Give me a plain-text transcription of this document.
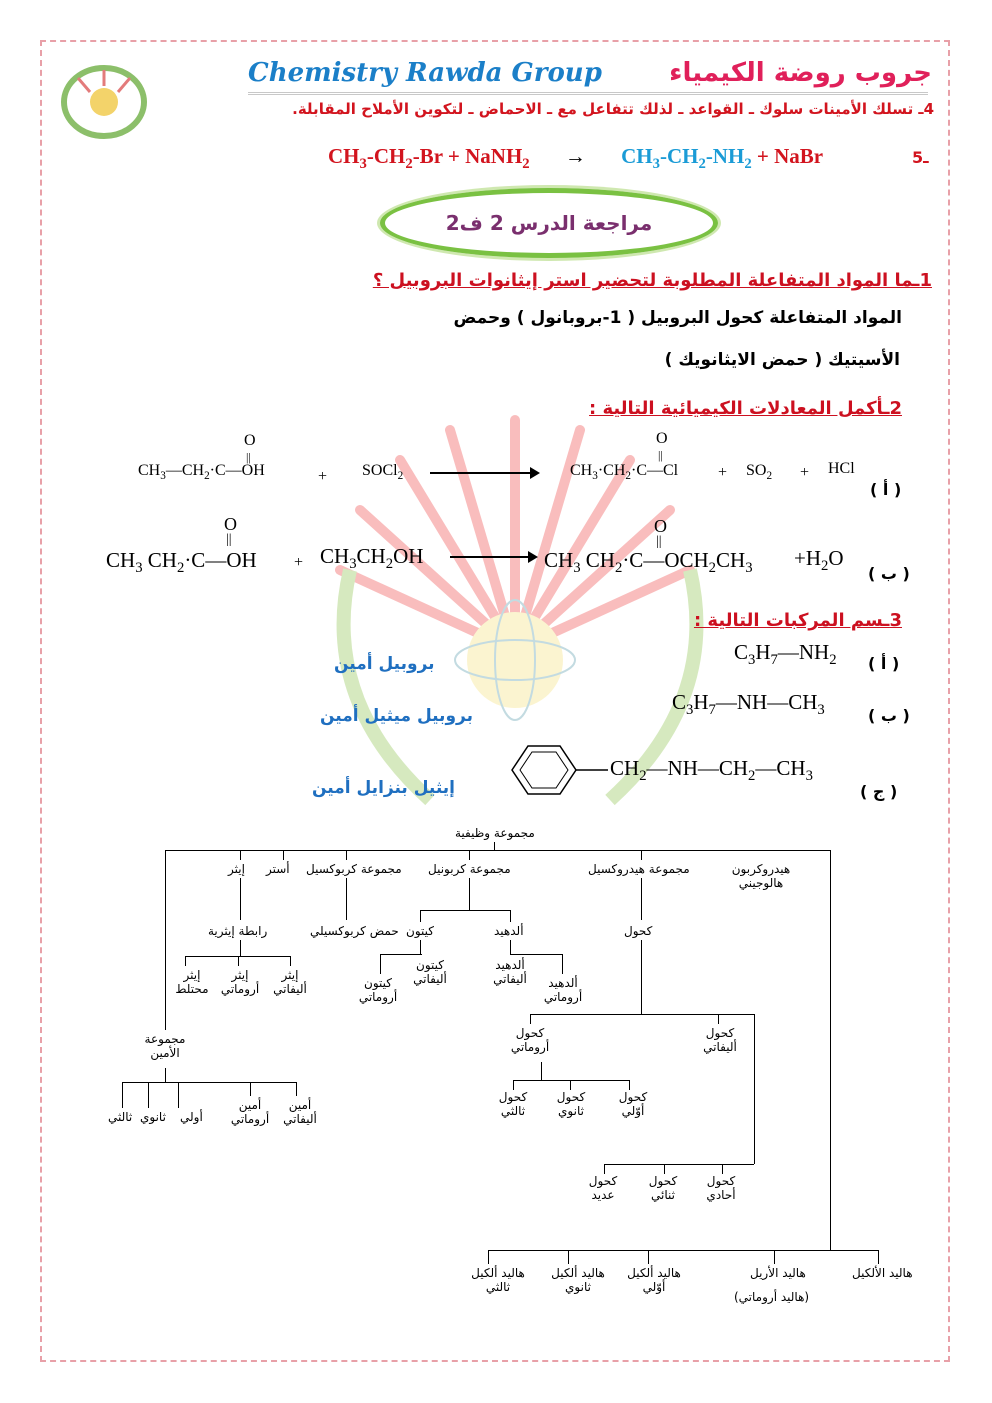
Chemistry Rawda Group	جروب روضة الكيمياء
4ـ تسلك الأمينات سلوك ـ القواعد ـ لذلك تتفاعل مع ـ الاحماض ـ لتكوين الأملاح المقابلة.
$CH_3-CH_2-Br$ + NaNH$_2$ → $CH_3-CH_2-NH_2$ + NaBr	5ـ
مراجعة الدرس 2 ف2
1ـما المواد المتفاعلة المطلوبة لتحضير استر إيثانوات البروبيل ؟
المواد المتفاعلة كحول البروبيل ( 1-بروبانول ) وحمض
الأسيتيك ( حمض الايثانويك )
2ـأكمل المعادلات الكيميائية التالية :
$CH_3—CH_2\cdot C—OH$
O
||
+ SOCl$_2$	$CH_3\cdot CH_2\cdot C—Cl$
O
||
+ $SO_2$ + HCl
( أ )
$CH_3$ $CH_2\cdot C—OH$
O
||
+ $CH_3CH_2OH$	$CH_3$ $CH_2\cdot C—OCH_2CH_3$
O
||
$+H_2O$
( ب )
3ـسم المركبات التالية :
$C_3H_7—NH_2$ ( أ )
بروبيل أمين
$C_3H_7—NH—CH_3$	( ب )
بروبيل ميثيل أمين
$CH_2—NH—CH_2—CH_3$
( ج )
إيثيل بنزايل أمين
مجموعة وظيفية
إيثر أستر مجموعة كربوكسيل مجموعة كربونيل	مجموعة هيدروكسيل	هيدروكربون هالوجيني
رابطة إيثرية
إيثر محتلط
إيثر أروماتي
إيثر أليفاتي
حمض كربوكسيلي كيتون	ألدهيد
كيتون أروماتي
كيتون أليفاتي
ألدهيد أليفاتي	ألدهيد أروماتي
كحول
كحول أروماتي
كحول أليفاتي
كحول ثالثي
كحول ثانوي
كحول أوّلي
كحول عديد
كحول ثنائي
كحول أحادي
مجموعة الأمين
ثالثي ثانوي أولي
أمين أروماتي
أمين أليفاتي
هاليد الألكيل
هاليد الأريل
(هاليد أروماتي)
هاليد ألكيل أوّلي
هاليد ألكيل ثانوي
هاليد ألكيل ثالثي
